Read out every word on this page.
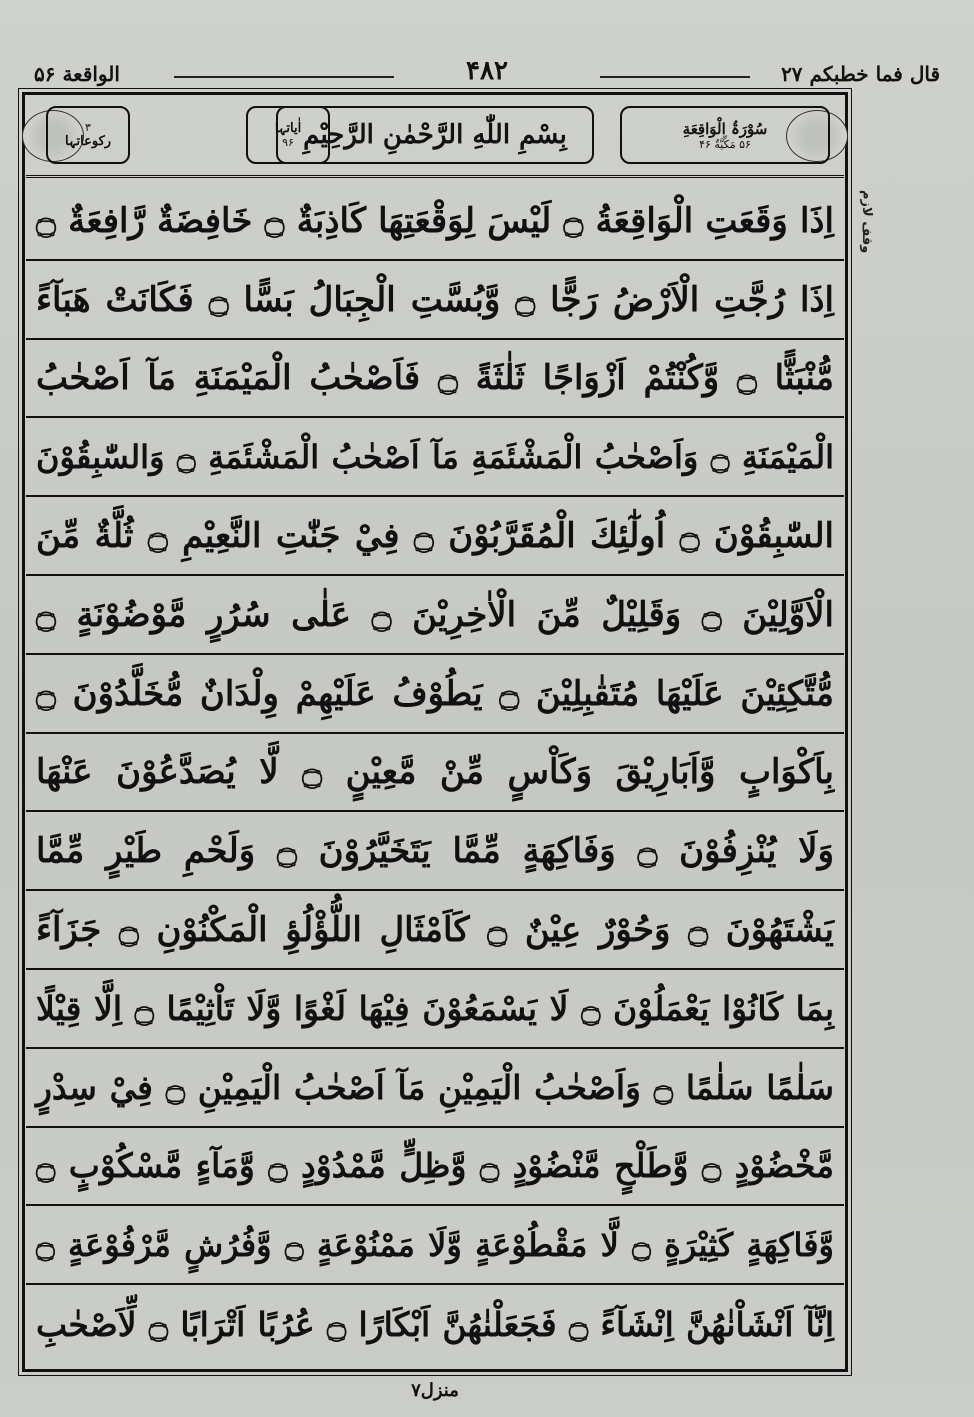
قال فما خطبکم ۲۷
۴۸۲
الواقعة ۵۶
وقف لازم
سُوْرَۃُ الْوَاقِعَةِ
۵۶ مَكِّيَّةٌ ۴۶
بِسْمِ اللّٰهِ الرَّحْمٰنِ الرَّحِيْمِ
اٰیاتہا
۹۶
۳
رکوعاتہا
اِذَا وَقَعَتِ الْوَاقِعَةُ ۝ لَيْسَ لِوَقْعَتِهَا كَاذِبَةٌ ۝ خَافِضَةٌ رَّافِعَةٌ ۝
اِذَا رُجَّتِ الْاَرْضُ رَجًّا ۝ وَّبُسَّتِ الْجِبَالُ بَسًّا ۝ فَكَانَتْ هَبَآءً
مُّنْبَثًّا ۝ وَّكُنْتُمْ اَزْوَاجًا ثَلٰثَةً ۝ فَاَصْحٰبُ الْمَيْمَنَةِ مَآ اَصْحٰبُ
الْمَيْمَنَةِ ۝ وَاَصْحٰبُ الْمَشْئَمَةِ مَآ اَصْحٰبُ الْمَشْئَمَةِ ۝ وَالسّٰبِقُوْنَ
السّٰبِقُوْنَ ۝ اُولٰٓئِكَ الْمُقَرَّبُوْنَ ۝ فِيْ جَنّٰتِ النَّعِيْمِ ۝ ثُلَّةٌ مِّنَ
الْاَوَّلِيْنَ ۝ وَقَلِيْلٌ مِّنَ الْاٰخِرِيْنَ ۝ عَلٰى سُرُرٍ مَّوْضُوْنَةٍ ۝
مُّتَّكِئِيْنَ عَلَيْهَا مُتَقٰبِلِيْنَ ۝ يَطُوْفُ عَلَيْهِمْ وِلْدَانٌ مُّخَلَّدُوْنَ ۝
بِاَكْوَابٍ وَّاَبَارِيْقَ وَكَاْسٍ مِّنْ مَّعِيْنٍ ۝ لَّا يُصَدَّعُوْنَ عَنْهَا
وَلَا يُنْزِفُوْنَ ۝ وَفَاكِهَةٍ مِّمَّا يَتَخَيَّرُوْنَ ۝ وَلَحْمِ طَيْرٍ مِّمَّا
يَشْتَهُوْنَ ۝ وَحُوْرٌ عِيْنٌ ۝ كَاَمْثَالِ اللُّؤْلُؤِ الْمَكْنُوْنِ ۝ جَزَآءً
بِمَا كَانُوْا يَعْمَلُوْنَ ۝ لَا يَسْمَعُوْنَ فِيْهَا لَغْوًا وَّلَا تَاْثِيْمًا ۝ اِلَّا قِيْلًا
سَلٰمًا سَلٰمًا ۝ وَاَصْحٰبُ الْيَمِيْنِ مَآ اَصْحٰبُ الْيَمِيْنِ ۝ فِيْ سِدْرٍ
مَّخْضُوْدٍ ۝ وَّطَلْحٍ مَّنْضُوْدٍ ۝ وَّظِلٍّ مَّمْدُوْدٍ ۝ وَّمَآءٍ مَّسْكُوْبٍ ۝
وَّفَاكِهَةٍ كَثِيْرَةٍ ۝ لَّا مَقْطُوْعَةٍ وَّلَا مَمْنُوْعَةٍ ۝ وَّفُرُشٍ مَّرْفُوْعَةٍ ۝
اِنَّآ اَنْشَاْنٰهُنَّ اِنْشَآءً ۝ فَجَعَلْنٰهُنَّ اَبْكَارًا ۝ عُرُبًا اَتْرَابًا ۝ لِّاَصْحٰبِ
منزل۷
